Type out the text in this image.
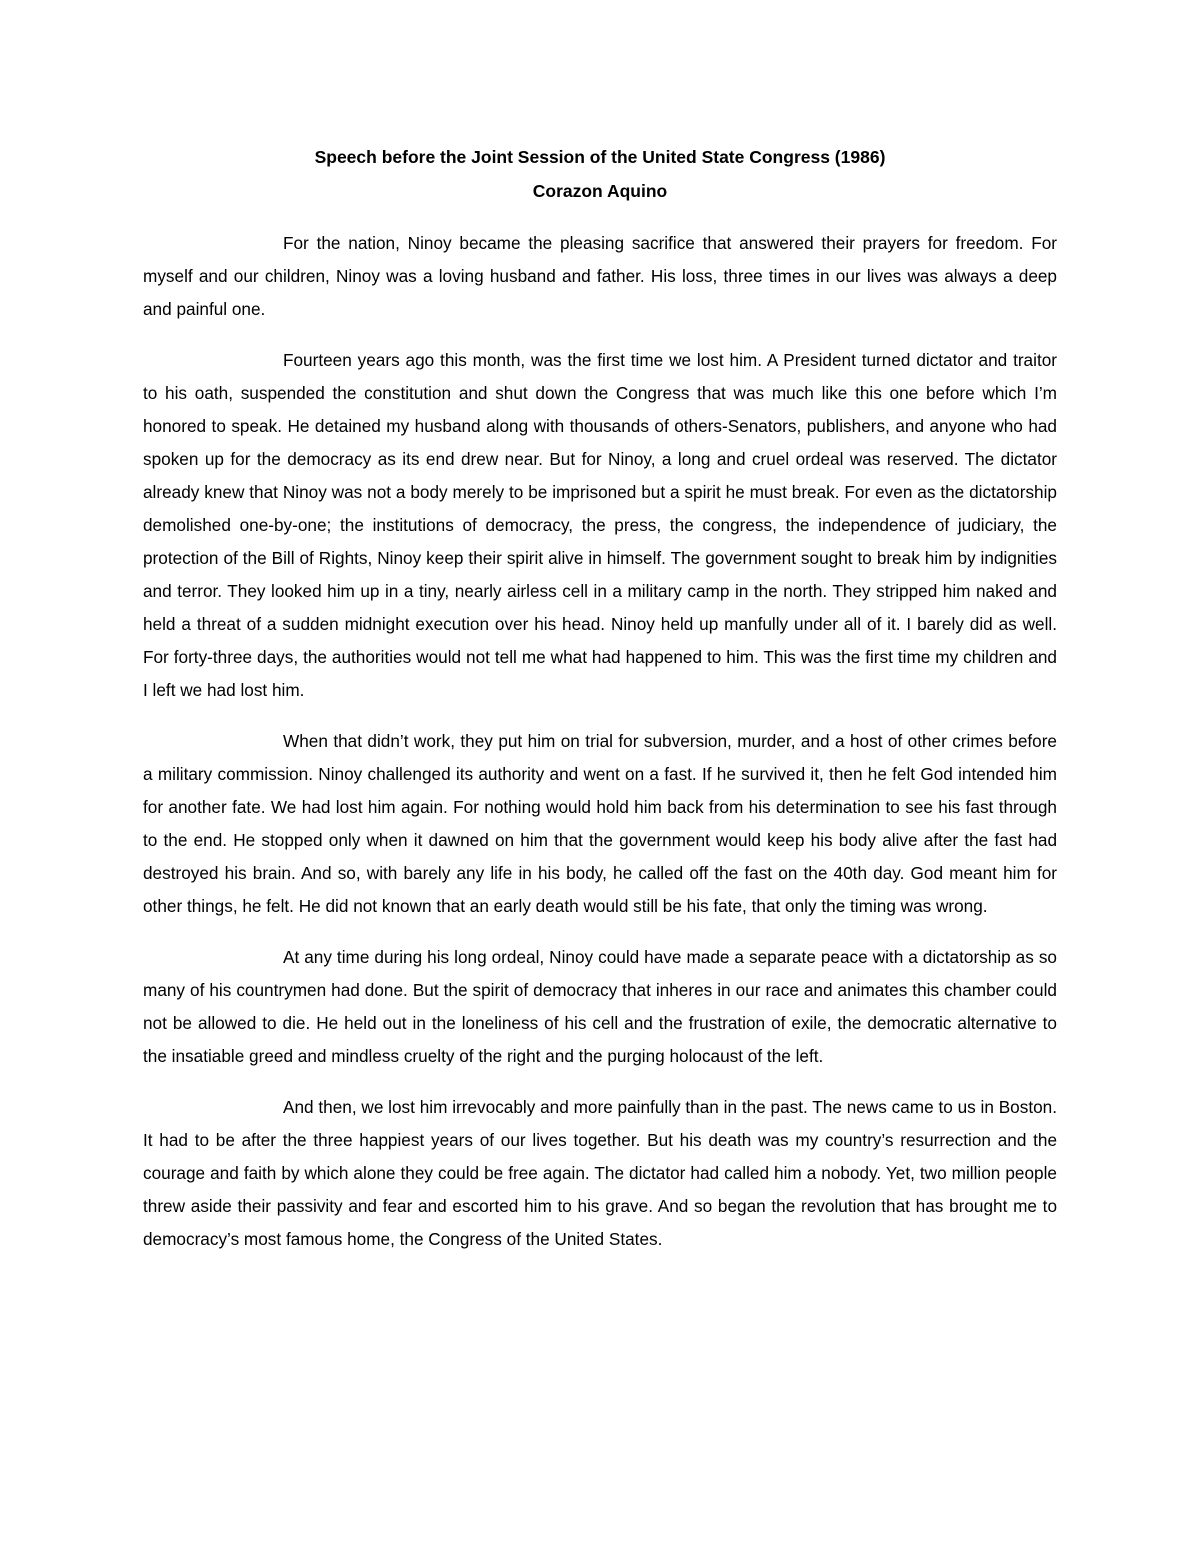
Speech before the Joint Session of the United State Congress (1986)
Corazon Aquino

For the nation, Ninoy became the pleasing sacrifice that answered their prayers for freedom. For myself and our children, Ninoy was a loving husband and father. His loss, three times in our lives was always a deep and painful one.

Fourteen years ago this month, was the first time we lost him. A President turned dictator and traitor to his oath, suspended the constitution and shut down the Congress that was much like this one before which I’m honored to speak. He detained my husband along with thousands of others-Senators, publishers, and anyone who had spoken up for the democracy as its end drew near. But for Ninoy, a long and cruel ordeal was reserved. The dictator already knew that Ninoy was not a body merely to be imprisoned but a spirit he must break. For even as the dictatorship demolished one-by-one; the institutions of democracy, the press, the congress, the independence of judiciary, the protection of the Bill of Rights, Ninoy keep their spirit alive in himself. The government sought to break him by indignities and terror. They looked him up in a tiny, nearly airless cell in a military camp in the north. They stripped him naked and held a threat of a sudden midnight execution over his head. Ninoy held up manfully under all of it. I barely did as well. For forty-three days, the authorities would not tell me what had happened to him. This was the first time my children and I left we had lost him.

When that didn’t work, they put him on trial for subversion, murder, and a host of other crimes before a military commission. Ninoy challenged its authority and went on a fast. If he survived it, then he felt God intended him for another fate. We had lost him again. For nothing would hold him back from his determination to see his fast through to the end. He stopped only when it dawned on him that the government would keep his body alive after the fast had destroyed his brain. And so, with barely any life in his body, he called off the fast on the 40th day. God meant him for other things, he felt. He did not known that an early death would still be his fate, that only the timing was wrong.

At any time during his long ordeal, Ninoy could have made a separate peace with a dictatorship as so many of his countrymen had done. But the spirit of democracy that inheres in our race and animates this chamber could not be allowed to die. He held out in the loneliness of his cell and the frustration of exile, the democratic alternative to the insatiable greed and mindless cruelty of the right and the purging holocaust of the left.

And then, we lost him irrevocably and more painfully than in the past. The news came to us in Boston. It had to be after the three happiest years of our lives together. But his death was my country’s resurrection and the courage and faith by which alone they could be free again. The dictator had called him a nobody. Yet, two million people threw aside their passivity and fear and escorted him to his grave. And so began the revolution that has brought me to democracy’s most famous home, the Congress of the United States.
